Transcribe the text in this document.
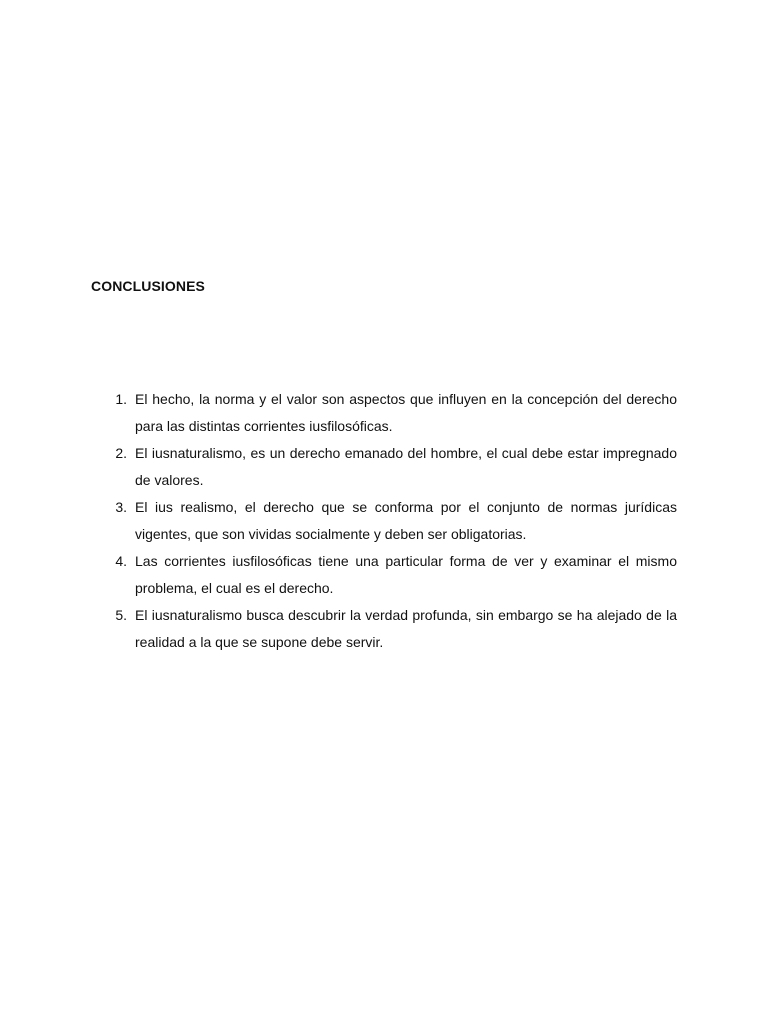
CONCLUSIONES
1 . El hecho, la norma y el valor son aspectos que influyen en la concepción del derecho para las distintas corrientes iusfilosóficas.
2 . El iusnaturalismo, es un derecho emanado del hombre, el cual debe estar impregnado de valores.
3 . El ius realismo, el derecho que se conforma por el conjunto de normas jurídicas vigentes, que son vividas socialmente y deben ser obligatorias.
4 . Las corrientes iusfilosóficas tiene una particular forma de ver y examinar el mismo problema, el cual es el derecho.
5 . El iusnaturalismo busca descubrir la verdad profunda, sin embargo se ha alejado de la realidad a la que se supone debe servir.
